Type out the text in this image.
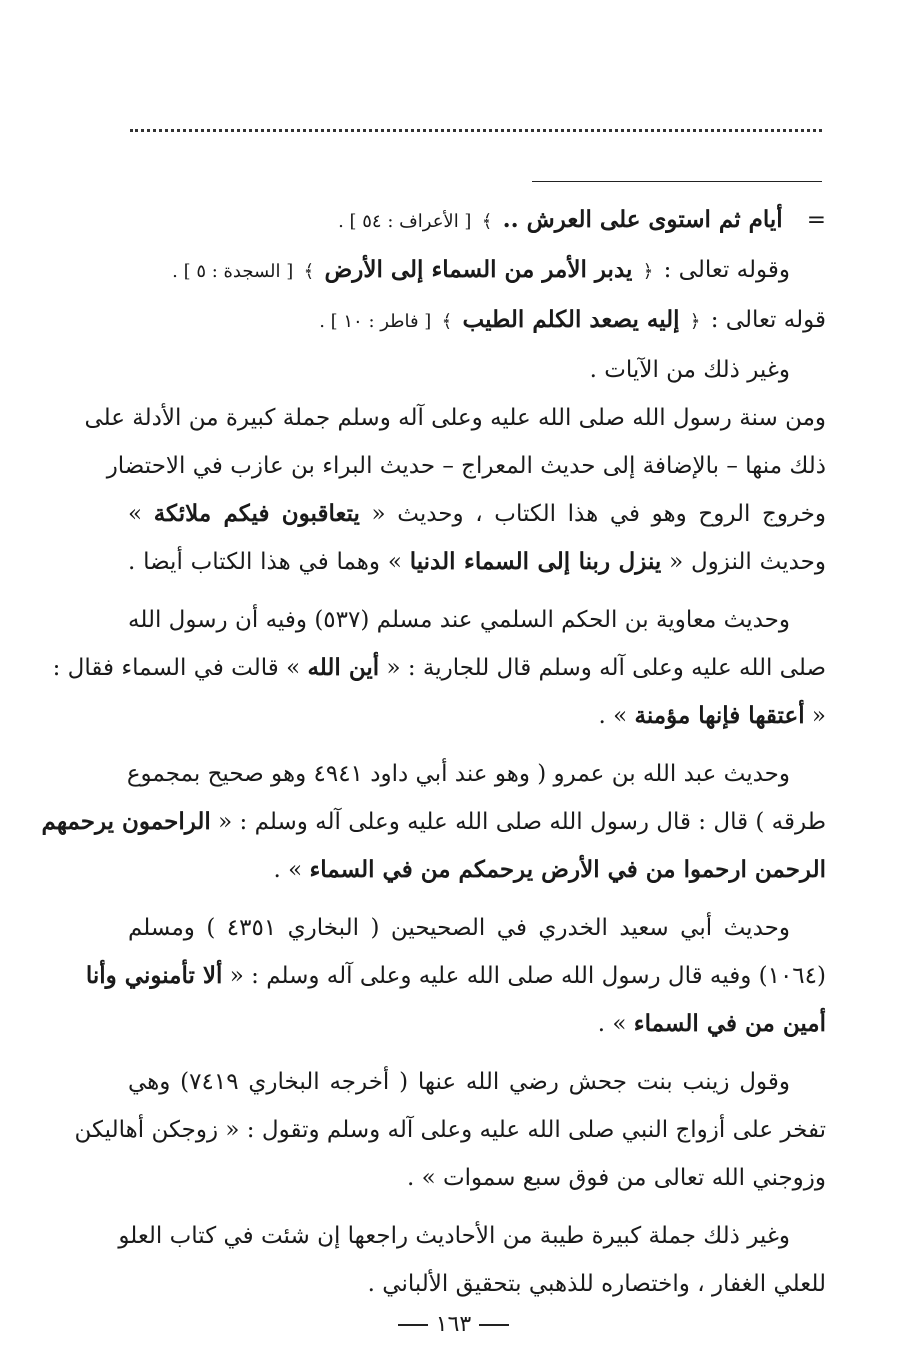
= أيام ثم استوى على العرش .. ﴾ [ الأعراف : ٥٤ ] .
وقوله تعالى : ﴿ يدبر الأمر من السماء إلى الأرض ﴾ [ السجدة : ٥ ] .
قوله تعالى : ﴿ إليه يصعد الكلم الطيب ﴾ [ فاطر : ١٠ ] .
وغير ذلك من الآيات .

ومن سنة رسول الله صلى الله عليه وعلى آله وسلم جملة كبيرة من الأدلة على
ذلك منها – بالإضافة إلى حديث المعراج – حديث البراء بن عازب في الاحتضار
وخروج الروح وهو في هذا الكتاب ، وحديث « يتعاقبون فيكم ملائكة »
وحديث النزول « ينزل ربنا إلى السماء الدنيا » وهما في هذا الكتاب أيضا .

وحديث معاوية بن الحكم السلمي عند مسلم (٥٣٧) وفيه أن رسول الله
صلى الله عليه وعلى آله وسلم قال للجارية : « أين الله » قالت في السماء فقال :
« أعتقها فإنها مؤمنة » .

وحديث عبد الله بن عمرو ( وهو عند أبي داود ٤٩٤١ وهو صحيح بمجموع
طرقه ) قال : قال رسول الله صلى الله عليه وعلى آله وسلم : « الراحمون يرحمهم
الرحمن ارحموا من في الأرض يرحمكم من في السماء » .

وحديث أبي سعيد الخدري في الصحيحين ( البخاري ٤٣٥١ ) ومسلم
(١٠٦٤) وفيه قال رسول الله صلى الله عليه وعلى آله وسلم : « ألا تأمنوني وأنا
أمين من في السماء » .

وقول زينب بنت جحش رضي الله عنها ( أخرجه البخاري ٧٤١٩) وهي
تفخر على أزواج النبي صلى الله عليه وعلى آله وسلم وتقول : « زوجكن أهاليكن
وزوجني الله تعالى من فوق سبع سموات » .

وغير ذلك جملة كبيرة طيبة من الأحاديث راجعها إن شئت في كتاب العلو
للعلي الغفار ، واختصاره للذهبي بتحقيق الألباني .

١٦٣
